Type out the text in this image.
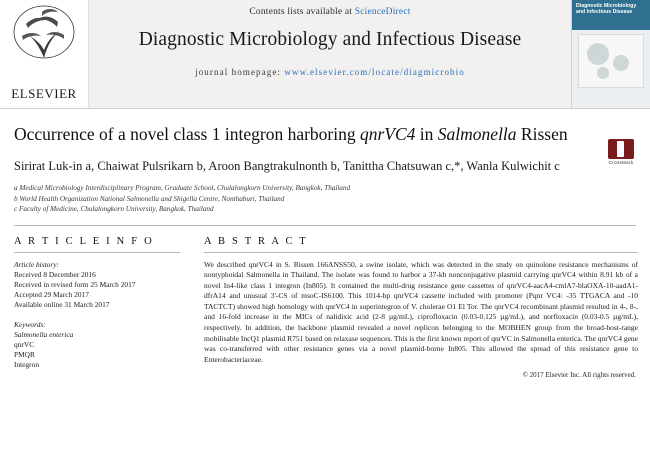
ELSEVIER
Contents lists available at ScienceDirect
Diagnostic Microbiology and Infectious Disease
journal homepage: www.elsevier.com/locate/diagmicrobio
Diagnostic Microbiology and Infectious Disease
Occurrence of a novel class 1 integron harboring qnrVC4 in Salmonella Rissen
CrossMark
Sirirat Luk-in a, Chaiwat Pulsrikarn b, Aroon Bangtrakulnonth b, Tanittha Chatsuwan c,*, Wanla Kulwichit c
a Medical Microbiology Interdisciplinary Program, Graduate School, Chulalongkorn University, Bangkok, Thailand
b World Health Organization National Salmonella and Shigella Centre, Nonthaburi, Thailand
c Faculty of Medicine, Chulalongkorn University, Bangkok, Thailand
A R T I C L E I N F O
Article history:
Received 8 December 2016
Received in revised form 25 March 2017
Accepted 29 March 2017
Available online 31 March 2017
Keywords:
Salmonella enterica
qnrVC
PMQR
Integron
A B S T R A C T
We described qnrVC4 in S. Rissen 166ANSS50, a swine isolate, which was detected in the study on quinolone resistance mechanisms of nontyphoidal Salmonella in Thailand. The isolate was found to harbor a 37-kb nonconjugative plasmid carrying qnrVC4 within 8.91 kb of a novel In4-like class 1 integron (In805). It contained the multi-drug resistance gene cassettes of qnrVC4-aacA4-cmlA7-blaOXA-10-aadA1-dfrA14 and unusual 3'-CS of msoC-IS6100. This 1014-bp qnrVC4 cassette included with promoter (Pqnr VC4: -35 TTGACA and -10 TACTCT) showed high homology with qnrVC4 in superintegron of V. cholerae O1 El Tor. The qnrVC4 recombinant plasmid resulted in 4-, 8-, and 16-fold increase in the MICs of nalidixic acid (2-8 µg/mL), ciprofloxacin (0.03-0.125 µg/mL), and norfloxacin (0.03-0.5 µg/mL), respectively. In addition, the backbone plasmid revealed a novel replicon belonging to the MOBHEN group from the broad-host-range mobilisable IncQ1 plasmid R751 based on relaxase sequences. This is the first known report of qnrVC in Salmonella enterica. The qnrVC4 gene was co-transferred with other resistance genes via a novel plasmid-borne In805. This allowed the spread of this resistance gene to Enterobacteriaceae.
© 2017 Elsevier Inc. All rights reserved.
